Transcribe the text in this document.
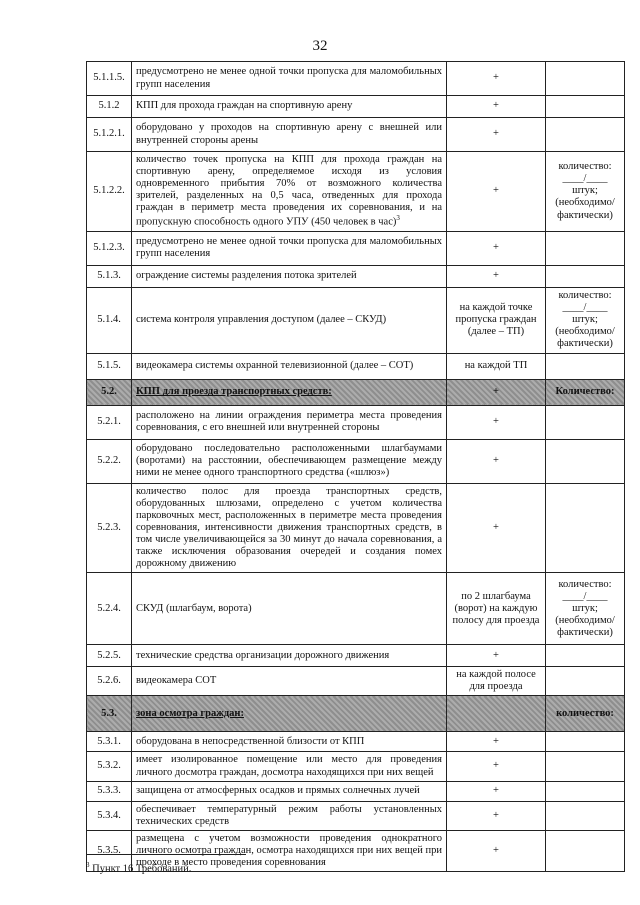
32
5.1.1.5.	предусмотрено не менее одной точки пропуска для маломобильных групп населения	+	
5.1.2	КПП для прохода граждан на спортивную арену	+	
5.1.2.1.	оборудовано у проходов на спортивную арену с внешней или внутренней стороны арены	+	
5.1.2.2.	количество точек пропуска на КПП для прохода граждан на спортивную арену, определяемое исходя из условия одновременного прибытия 70% от возможного количества зрителей, разделенных на 0,5 часа, отведенных для прохода граждан в периметр места проведения их соревнования, и на пропускную способность одного УПУ (450 человек в час)$^3$	+	количество: ____/____ штук; (необходимо/ фактически)
5.1.2.3.	предусмотрено не менее одной точки пропуска для маломобильных групп населения	+	
5.1.3.	ограждение системы разделения потока зрителей	+	
5.1.4.	система контроля управления доступом (далее – СКУД)	на каждой точке пропуска граждан (далее – ТП)	количество: ____/____ штук; (необходимо/ фактически)
5.1.5.	видеокамера системы охранной телевизионной (далее – СОТ)	на каждой ТП	
5.2.	КПП для проезда транспортных средств:	+	Количество:
5.2.1.	расположено на линии ограждения периметра места проведения соревнования, с его внешней или внутренней стороны	+	
5.2.2.	оборудовано последовательно расположенными шлагбаумами (воротами) на расстоянии, обеспечивающем размещение между ними не менее одного транспортного средства («шлюз»)	+	
5.2.3.	количество полос для проезда транспортных средств, оборудованных шлюзами, определено с учетом количества парковочных мест, расположенных в периметре места проведения соревнования, интенсивности движения транспортных средств, в том числе увеличивающейся за 30 минут до начала соревнования, а также исключения образования очередей и создания помех дорожному движению	+	
5.2.4.	СКУД (шлагбаум, ворота)	по 2 шлагбаума (ворот) на каждую полосу для проезда	количество: ____/____ штук; (необходимо/ фактически)
5.2.5.	технические средства организации дорожного движения	+	
5.2.6.	видеокамера СОТ	на каждой полосе для проезда	
5.3.	зона осмотра граждан:		количество:
5.3.1.	оборудована в непосредственной близости от КПП	+	
5.3.2.	имеет изолированное помещение или место для проведения личного досмотра граждан, досмотра находящихся при них вещей	+	
5.3.3.	защищена от атмосферных осадков и прямых солнечных лучей	+	
5.3.4.	обеспечивает температурный режим работы установленных технических средств	+	
5.3.5.	размещена с учетом возможности проведения однократного личного осмотра граждан, осмотра находящихся при них вещей при проходе в место проведения соревнования	+	
$^3$ Пункт 16 Требований.
